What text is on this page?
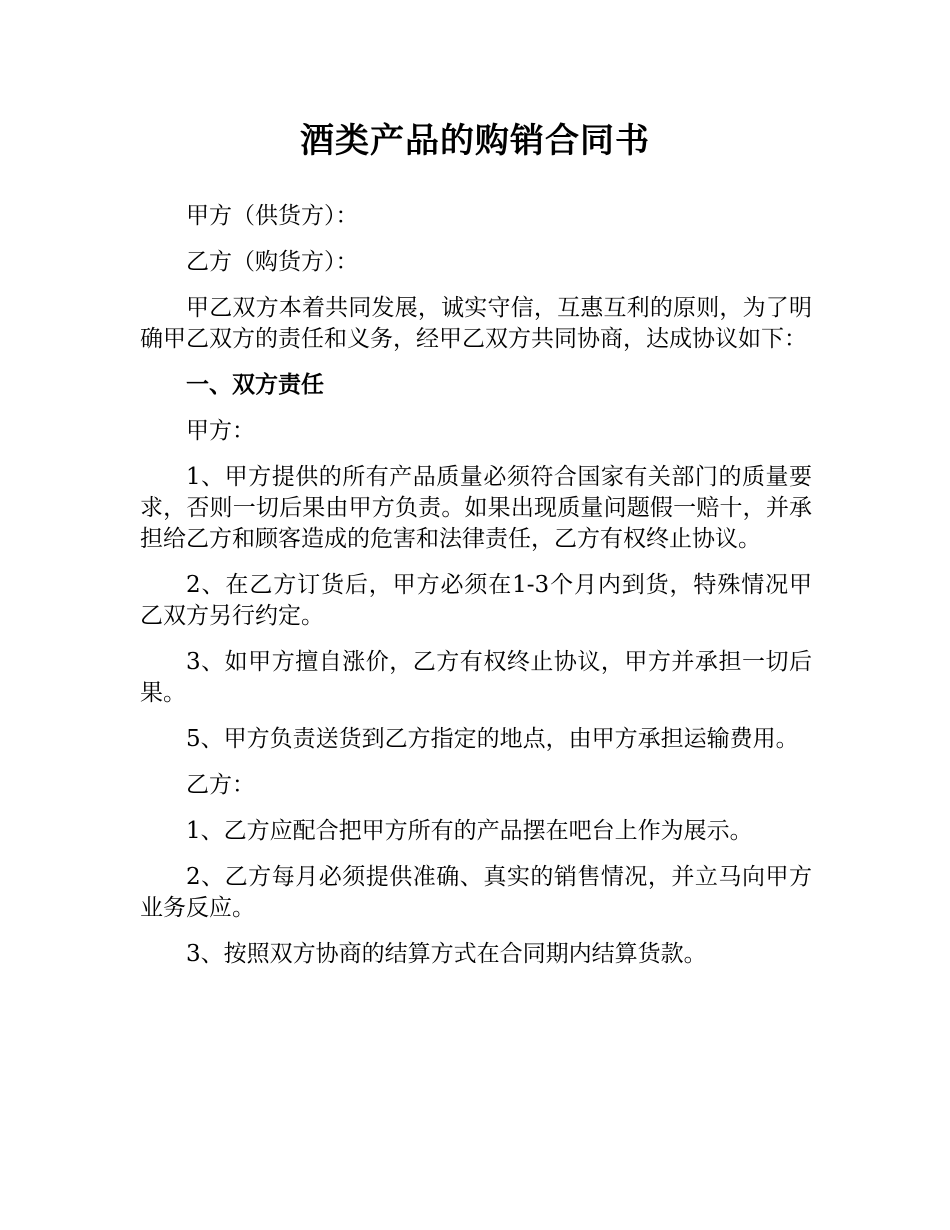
酒类产品的购销合同书

甲方（供货方）：

乙方（购货方）：

甲乙双方本着共同发展，诚实守信，互惠互利的原则，为了明确甲乙双方的责任和义务，经甲乙双方共同协商，达成协议如下：

一、双方责任

甲方：

1、甲方提供的所有产品质量必须符合国家有关部门的质量要求，否则一切后果由甲方负责。如果出现质量问题假一赔十，并承担给乙方和顾客造成的危害和法律责任，乙方有权终止协议。

2、在乙方订货后，甲方必须在1-3个月内到货，特殊情况甲乙双方另行约定。

3、如甲方擅自涨价，乙方有权终止协议，甲方并承担一切后果。

5、甲方负责送货到乙方指定的地点，由甲方承担运输费用。

乙方：

1、乙方应配合把甲方所有的产品摆在吧台上作为展示。

2、乙方每月必须提供准确、真实的销售情况，并立马向甲方业务反应。

3、按照双方协商的结算方式在合同期内结算货款。
